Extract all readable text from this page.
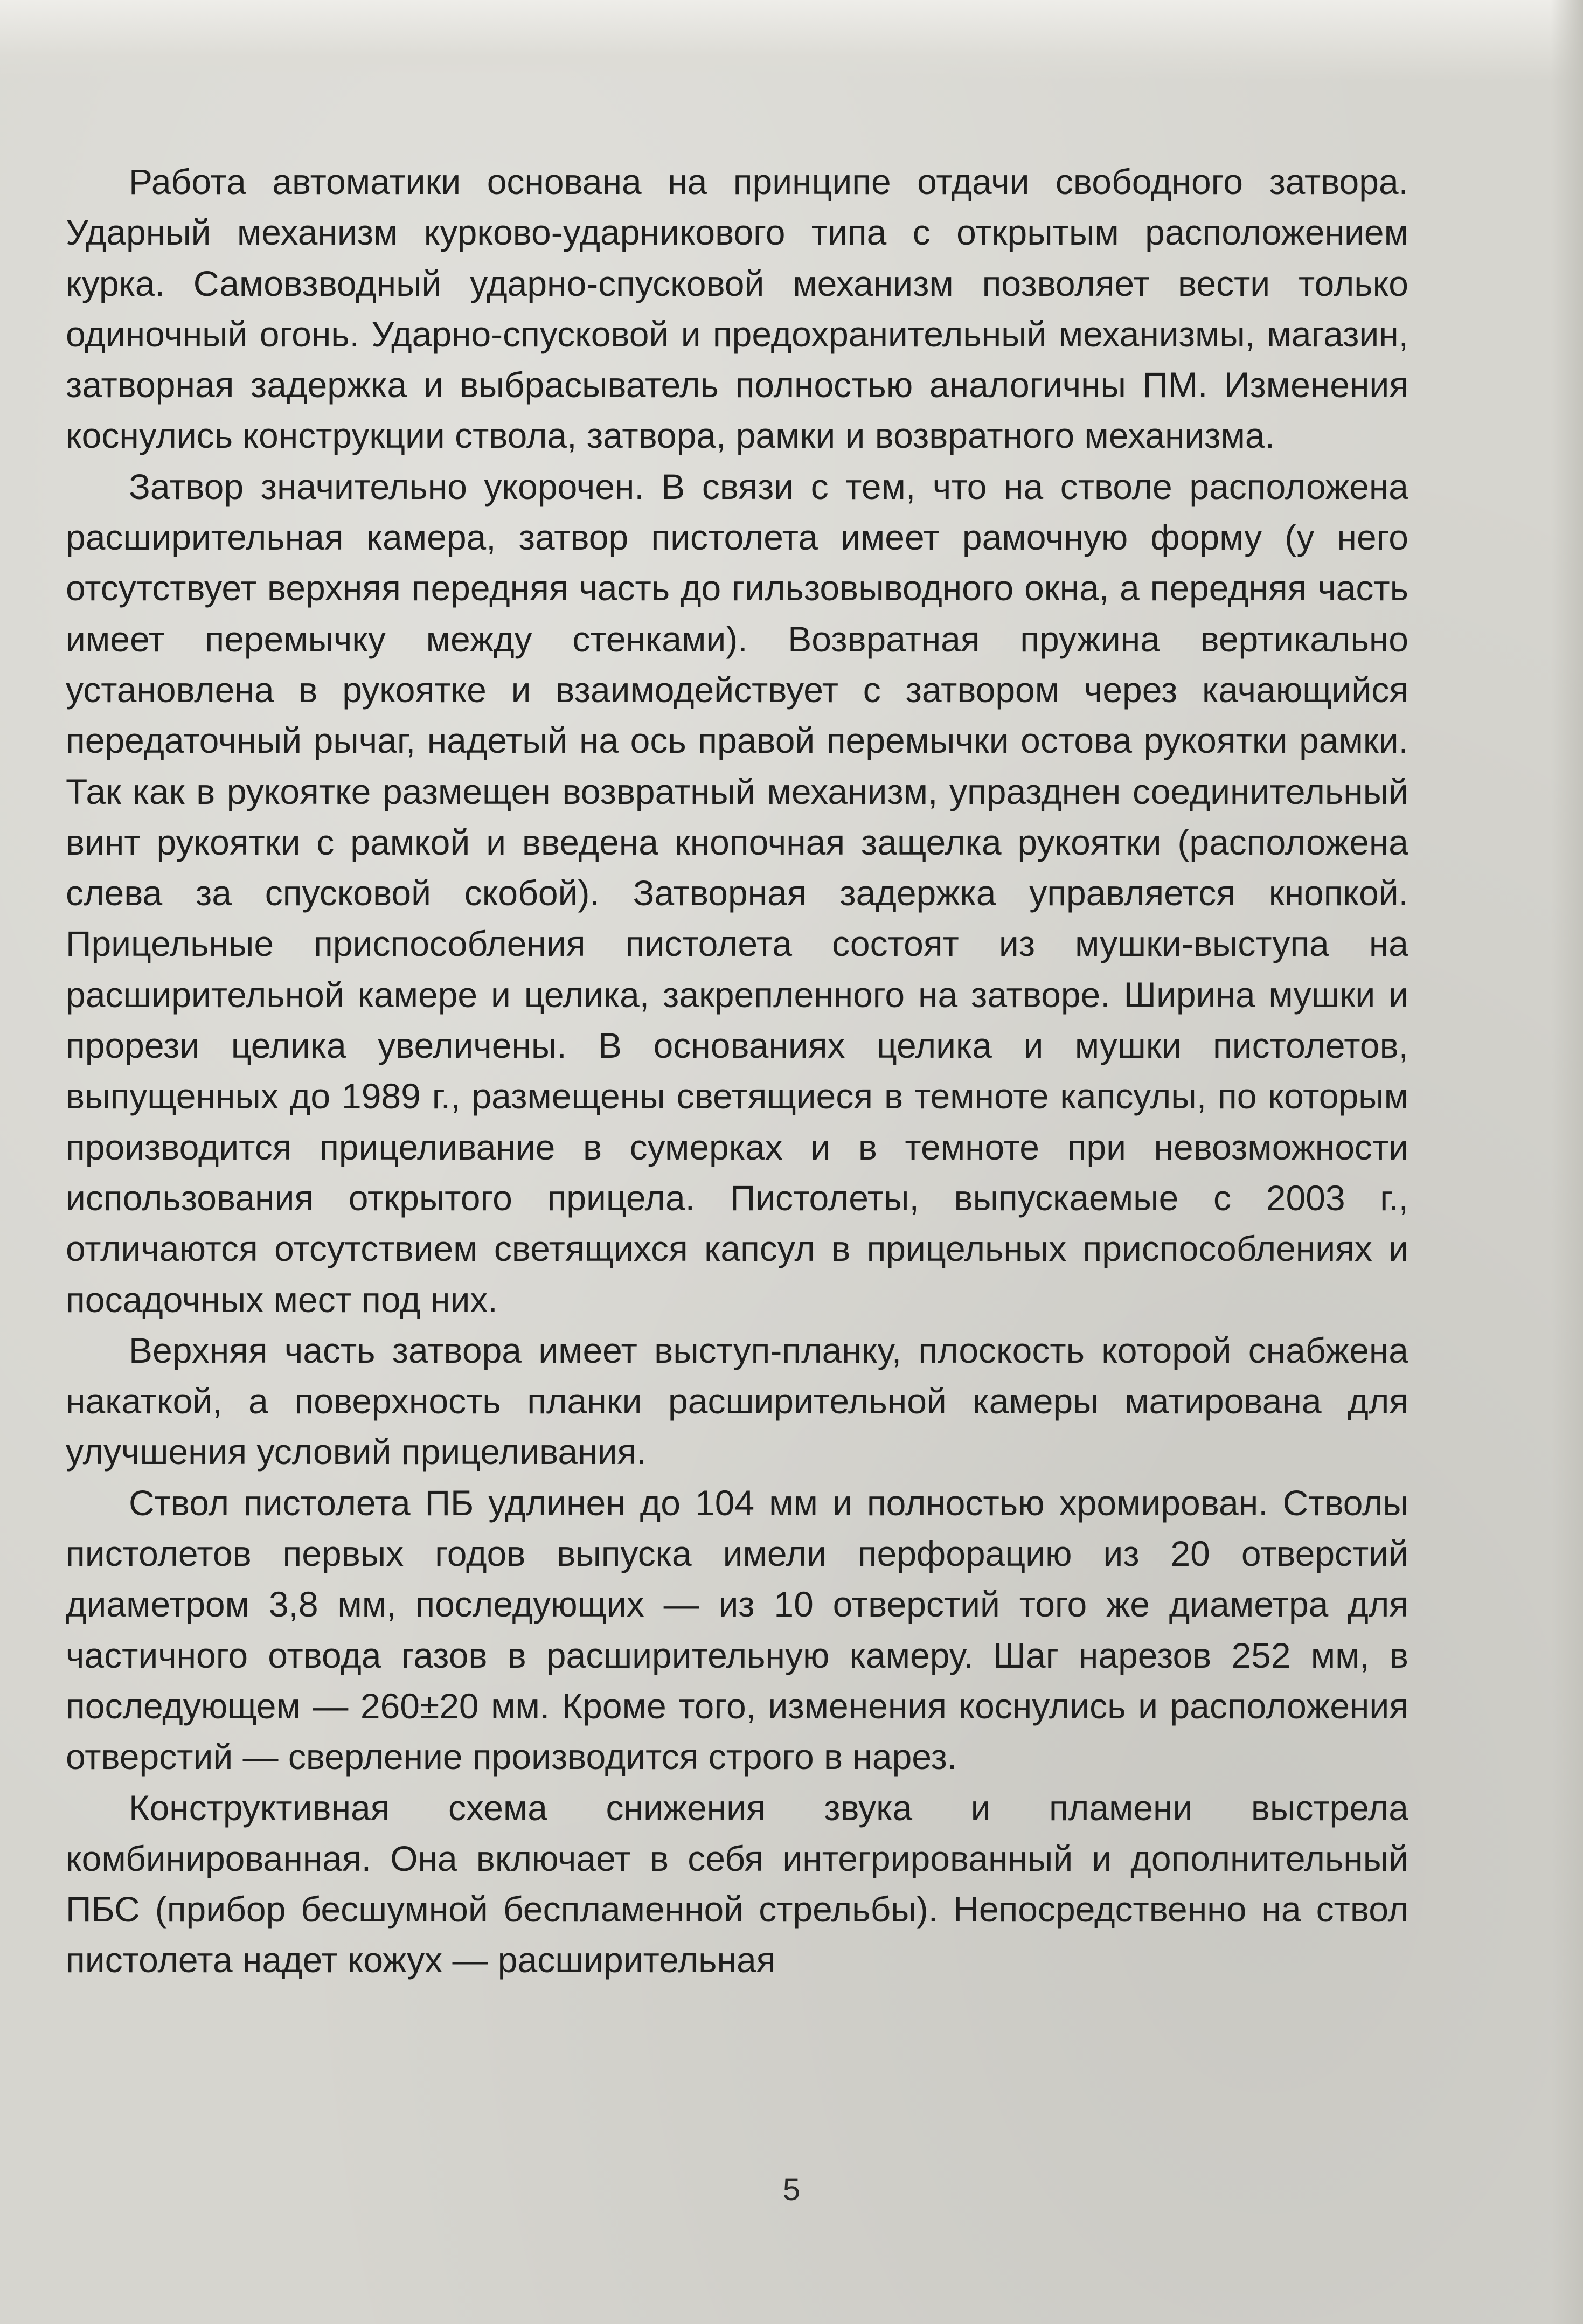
Работа автоматики основана на принципе отдачи свободного затвора. Ударный механизм курково-ударникового типа с открытым расположением курка. Самовзводный ударно-спусковой механизм позволяет вести только одиночный огонь. Ударно-спусковой и предохранительный механизмы, магазин, затворная задержка и выбрасыватель полностью аналогичны ПМ. Изменения коснулись конструкции ствола, затвора, рамки и возвратного механизма.

Затвор значительно укорочен. В связи с тем, что на стволе расположена расширительная камера, затвор пистолета имеет рамочную форму (у него отсутствует верхняя передняя часть до гильзовыводного окна, а передняя часть имеет перемычку между стенками). Возвратная пружина вертикально установлена в рукоятке и взаимодействует с затвором через качающийся передаточный рычаг, надетый на ось правой перемычки остова рукоятки рамки. Так как в рукоятке размещен возвратный механизм, упразднен соединительный винт рукоятки с рамкой и введена кнопочная защелка рукоятки (расположена слева за спусковой скобой). Затворная задержка управляется кнопкой. Прицельные приспособления пистолета состоят из мушки-выступа на расширительной камере и целика, закрепленного на затворе. Ширина мушки и прорези целика увеличены. В основаниях целика и мушки пистолетов, выпущенных до 1989 г., размещены светящиеся в темноте капсулы, по которым производится прицеливание в сумерках и в темноте при невозможности использования открытого прицела. Пистолеты, выпускаемые с 2003 г., отличаются отсутствием светящихся капсул в прицельных приспособлениях и посадочных мест под них.

Верхняя часть затвора имеет выступ-планку, плоскость которой снабжена накаткой, а поверхность планки расширительной камеры матирована для улучшения условий прицеливания.

Ствол пистолета ПБ удлинен до 104 мм и полностью хромирован. Стволы пистолетов первых годов выпуска имели перфорацию из 20 отверстий диаметром 3,8 мм, последующих — из 10 отверстий того же диаметра для частичного отвода газов в расширительную камеру. Шаг нарезов 252 мм, в последующем — 260±20 мм. Кроме того, изменения коснулись и расположения отверстий — сверление производится строго в нарез.

Конструктивная схема снижения звука и пламени выстрела комбинированная. Она включает в себя интегрированный и дополнительный ПБС (прибор бесшумной беспламенной стрельбы). Непосредственно на ствол пистолета надет кожух — расширительная

5
